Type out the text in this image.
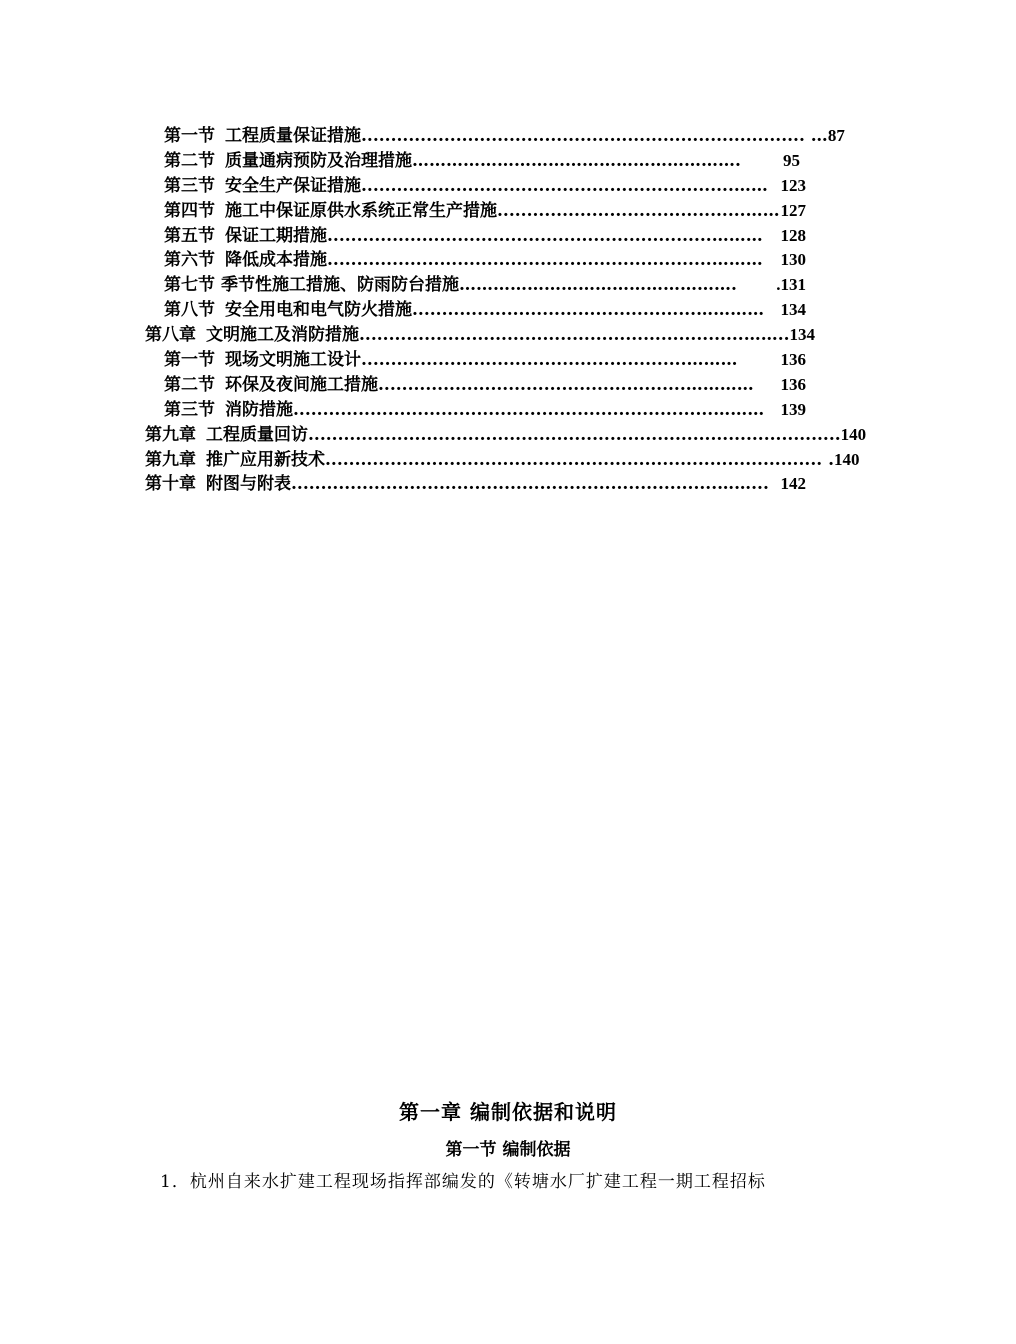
第一节 工程质量保证措施 ........................................................................... … 87
第二节 质量通病预防及治理措施 ………………………………………………….	95
第三节 安全生产保证措施 ...............................................................…… 123
第四节 施工中保证原供水系统正常生产措施 ..........................................…… 127
第五节 保证工期措施 .................................................................………	128
第六节 降低成本措施 .................................................................………	130
第七节 季节性施工措施、防雨防台措施 ………………………………………….	.131
第八节 安全用电和电气防火措施 ................................................………… 134
第八章 文明施工及消防措施 .................................................................…….. 134
第一节 现场文明施工设计 .......................................................………	136
第二节 环保及夜间施工措施 ....................................................…………	136
第三节 消防措施 .......................................................................……… 139
第九章 工程质量回访 .......................................................................................... 140
第九章 推广应用新技术 .................................................................................... . 140
第十章 附图与附表 ........................................................................……... 142
第一章 编制依据和说明
第一节 编制依据
1．杭州自来水扩建工程现场指挥部编发的《转塘水厂扩建工程一期工程招标
